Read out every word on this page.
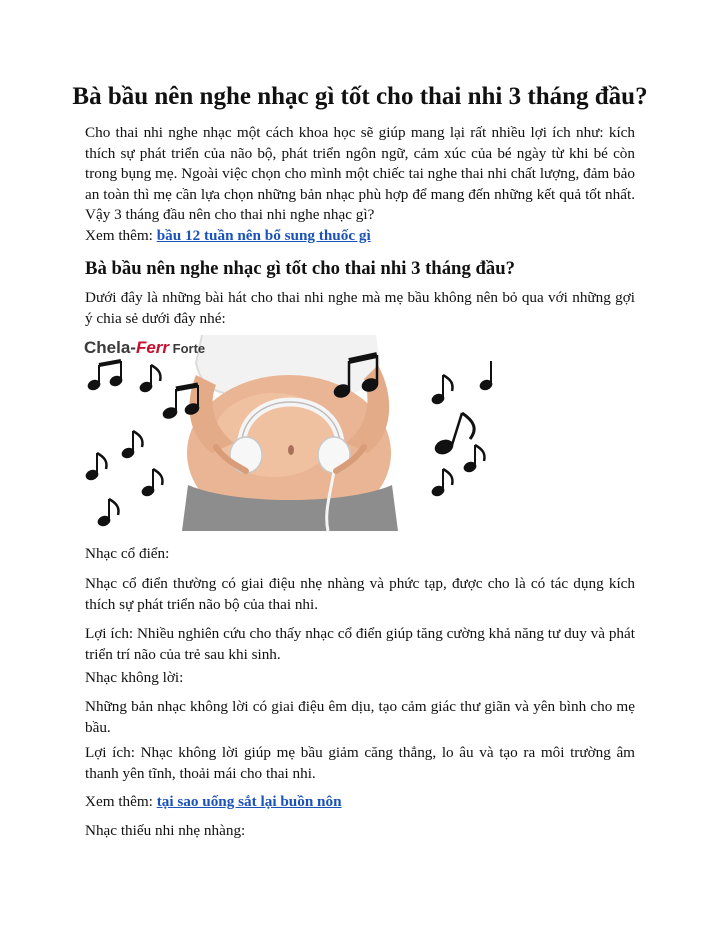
Bà bầu nên nghe nhạc gì tốt cho thai nhi 3 tháng đầu?

Cho thai nhi nghe nhạc một cách khoa học sẽ giúp mang lại rất nhiều lợi ích như: kích thích sự phát triển của não bộ, phát triển ngôn ngữ, cảm xúc của bé ngày từ khi bé còn trong bụng mẹ. Ngoài việc chọn cho mình một chiếc tai nghe thai nhi chất lượng, đảm bảo an toàn thì mẹ cần lựa chọn những bản nhạc phù hợp để mang đến những kết quả tốt nhất. Vậy 3 tháng đầu nên cho thai nhi nghe nhạc gì?

Xem thêm: bầu 12 tuần nên bổ sung thuốc gì

Bà bầu nên nghe nhạc gì tốt cho thai nhi 3 tháng đầu?

Dưới đây là những bài hát cho thai nhi nghe mà mẹ bầu không nên bỏ qua với những gợi ý chia sẻ dưới đây nhé:

Chela-Ferr Forte

Nhạc cổ điển:

Nhạc cổ điển thường có giai điệu nhẹ nhàng và phức tạp, được cho là có tác dụng kích thích sự phát triển não bộ của thai nhi.

Lợi ích: Nhiều nghiên cứu cho thấy nhạc cổ điển giúp tăng cường khả năng tư duy và phát triển trí não của trẻ sau khi sinh.

Nhạc không lời:

Những bản nhạc không lời có giai điệu êm dịu, tạo cảm giác thư giãn và yên bình cho mẹ bầu.

Lợi ích: Nhạc không lời giúp mẹ bầu giảm căng thẳng, lo âu và tạo ra môi trường âm thanh yên tĩnh, thoải mái cho thai nhi.

Xem thêm: tại sao uống sắt lại buồn nôn

Nhạc thiếu nhi nhẹ nhàng:
